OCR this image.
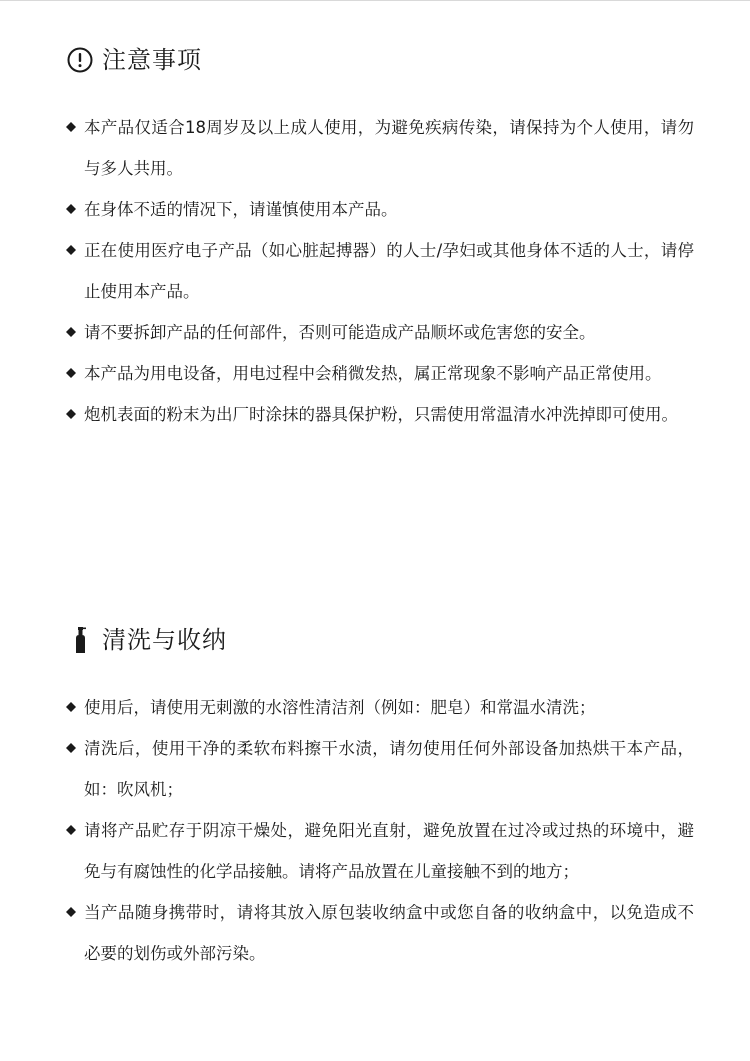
注意事项
本产品仅适合18周岁及以上成人使用，为避免疾病传染，请保持为个人使用，请勿与多人共用。
在身体不适的情况下，请谨慎使用本产品。
正在使用医疗电子产品（如心脏起搏器）的人士/孕妇或其他身体不适的人士，请停止使用本产品。
请不要拆卸产品的任何部件，否则可能造成产品顺坏或危害您的安全。
本产品为用电设备，用电过程中会稍微发热，属正常现象不影响产品正常使用。
炮机表面的粉末为出厂时涂抹的器具保护粉，只需使用常温清水冲洗掉即可使用。
清洗与收纳
使用后，请使用无刺激的水溶性清洁剂（例如：肥皂）和常温水清洗；
清洗后，使用干净的柔软布料擦干水渍，请勿使用任何外部设备加热烘干本产品，如：吹风机；
请将产品贮存于阴凉干燥处，避免阳光直射，避免放置在过冷或过热的环境中，避免与有腐蚀性的化学品接触。请将产品放置在儿童接触不到的地方；
当产品随身携带时，请将其放入原包装收纳盒中或您自备的收纳盒中，以免造成不必要的划伤或外部污染。
